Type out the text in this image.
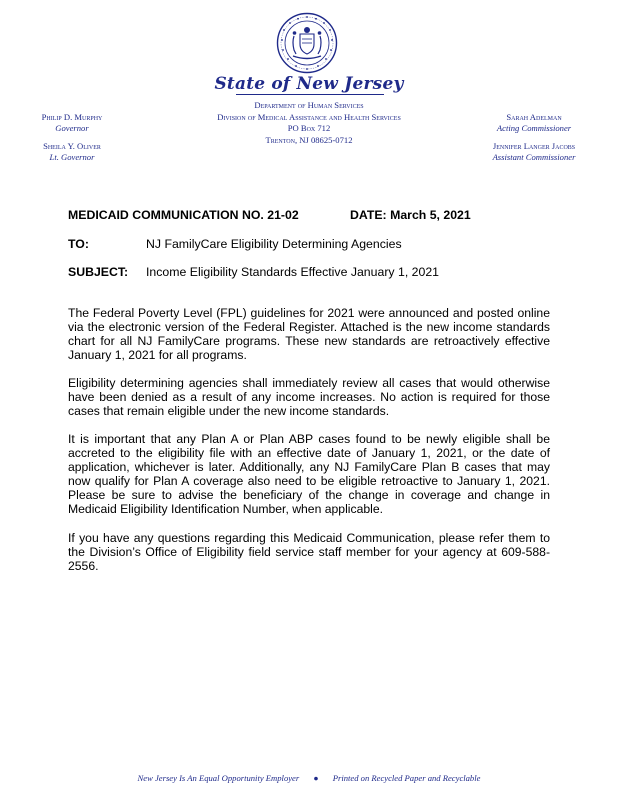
State of New Jersey
Department of Human Services
Division of Medical Assistance and Health Services
PO Box 712
Trenton, NJ 08625-0712
Philip D. Murphy
Governor
Sheila Y. Oliver
Lt. Governor
Sarah Adelman
Acting Commissioner
Jennifer Langer Jacobs
Assistant Commissioner
MEDICAID COMMUNICATION NO. 21-02	DATE: March 5, 2021
TO:	NJ FamilyCare Eligibility Determining Agencies
SUBJECT: Income Eligibility Standards Effective January 1, 2021

The Federal Poverty Level (FPL) guidelines for 2021 were announced and posted online via the electronic version of the Federal Register. Attached is the new income standards chart for all NJ FamilyCare programs. These new standards are retroactively effective January 1, 2021 for all programs.

Eligibility determining agencies shall immediately review all cases that would otherwise have been denied as a result of any income increases. No action is required for those cases that remain eligible under the new income standards.

It is important that any Plan A or Plan ABP cases found to be newly eligible shall be accreted to the eligibility file with an effective date of January 1, 2021, or the date of application, whichever is later. Additionally, any NJ FamilyCare Plan B cases that may now qualify for Plan A coverage also need to be eligible retroactive to January 1, 2021. Please be sure to advise the beneficiary of the change in coverage and change in Medicaid Eligibility Identification Number, when applicable.

If you have any questions regarding this Medicaid Communication, please refer them to the Division’s Office of Eligibility field service staff member for your agency at 609-588-2556.

New Jersey Is An Equal Opportunity Employer ● Printed on Recycled Paper and Recyclable
